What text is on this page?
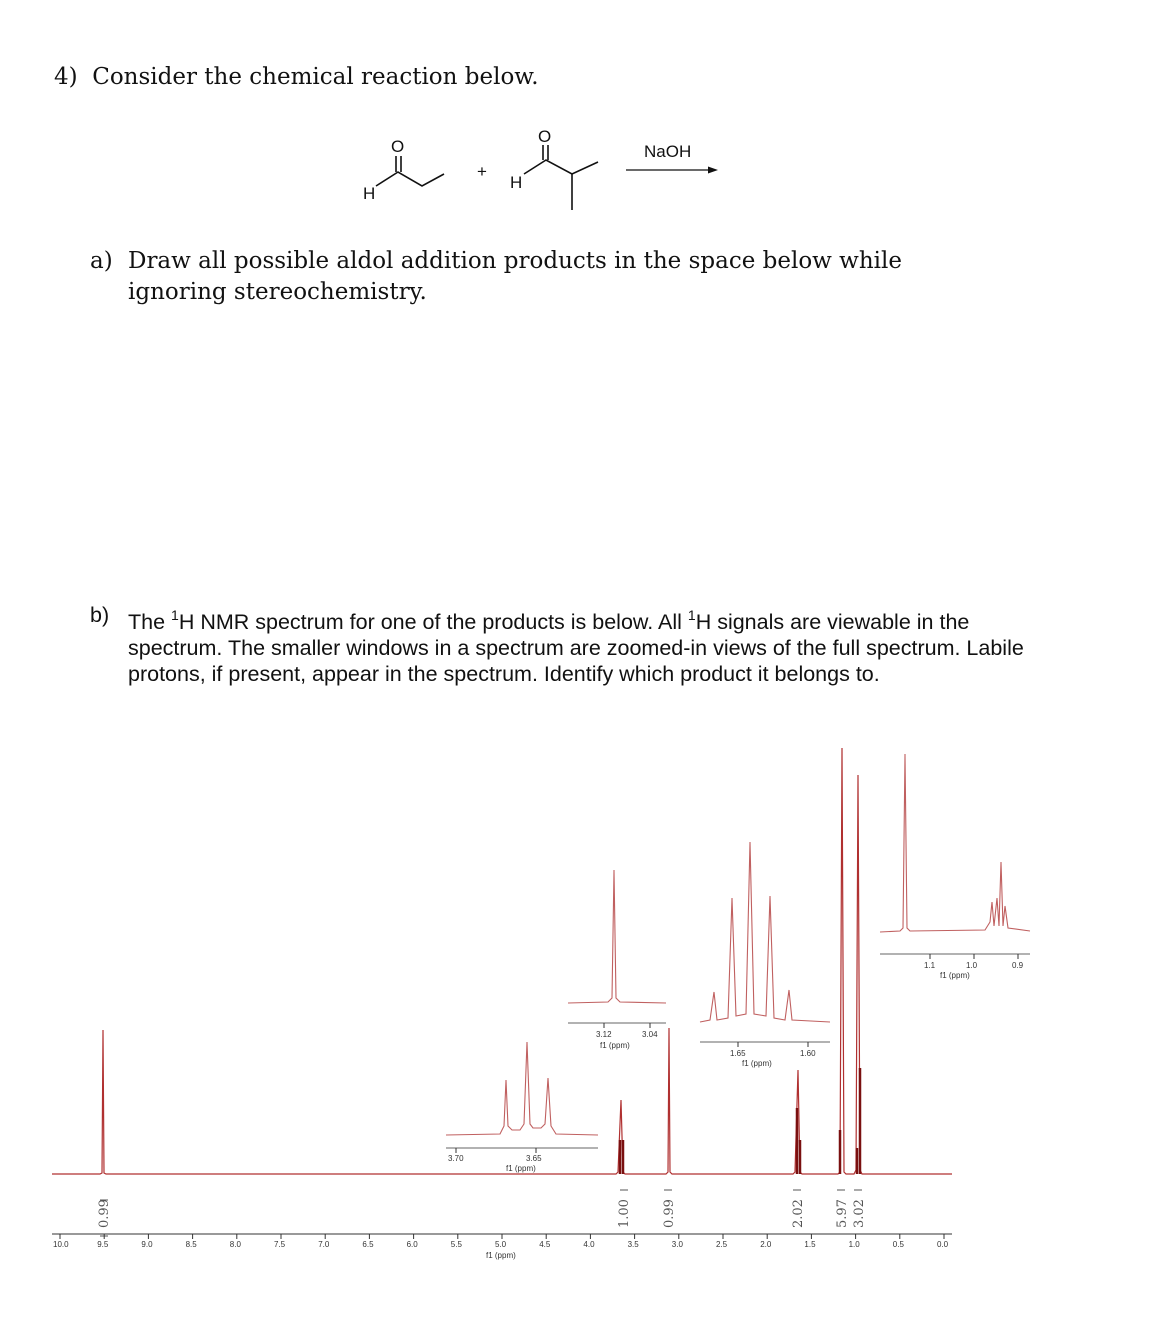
4) Consider the chemical reaction below.
H
O
+
H
O
NaOH
a) Draw all possible aldol addition products in the space below while ignoring stereochemistry.
b) The $^1$H NMR spectrum for one of the products is below. All $^1$H signals are viewable in the spectrum. The smaller windows in a spectrum are zoomed-in views of the full spectrum. Labile protons, if present, appear in the spectrum. Identify which product it belongs to.
0.99	1.00 0.99	2.02 5.97 3.02
10.0	9.5	9.0	8.5	8.0	7.5	7.0	6.5	6.0	5.5	5.0	4.5	4.0	3.5	3.0	2.5	2.0	1.5	1.0	0.5	0.0
f1 (ppm)
3.70	3.65
f1 (ppm)
3.12	3.04
f1 (ppm)
1.65	1.60
f1 (ppm)
1.1	1.0	0.9
f1 (ppm)
